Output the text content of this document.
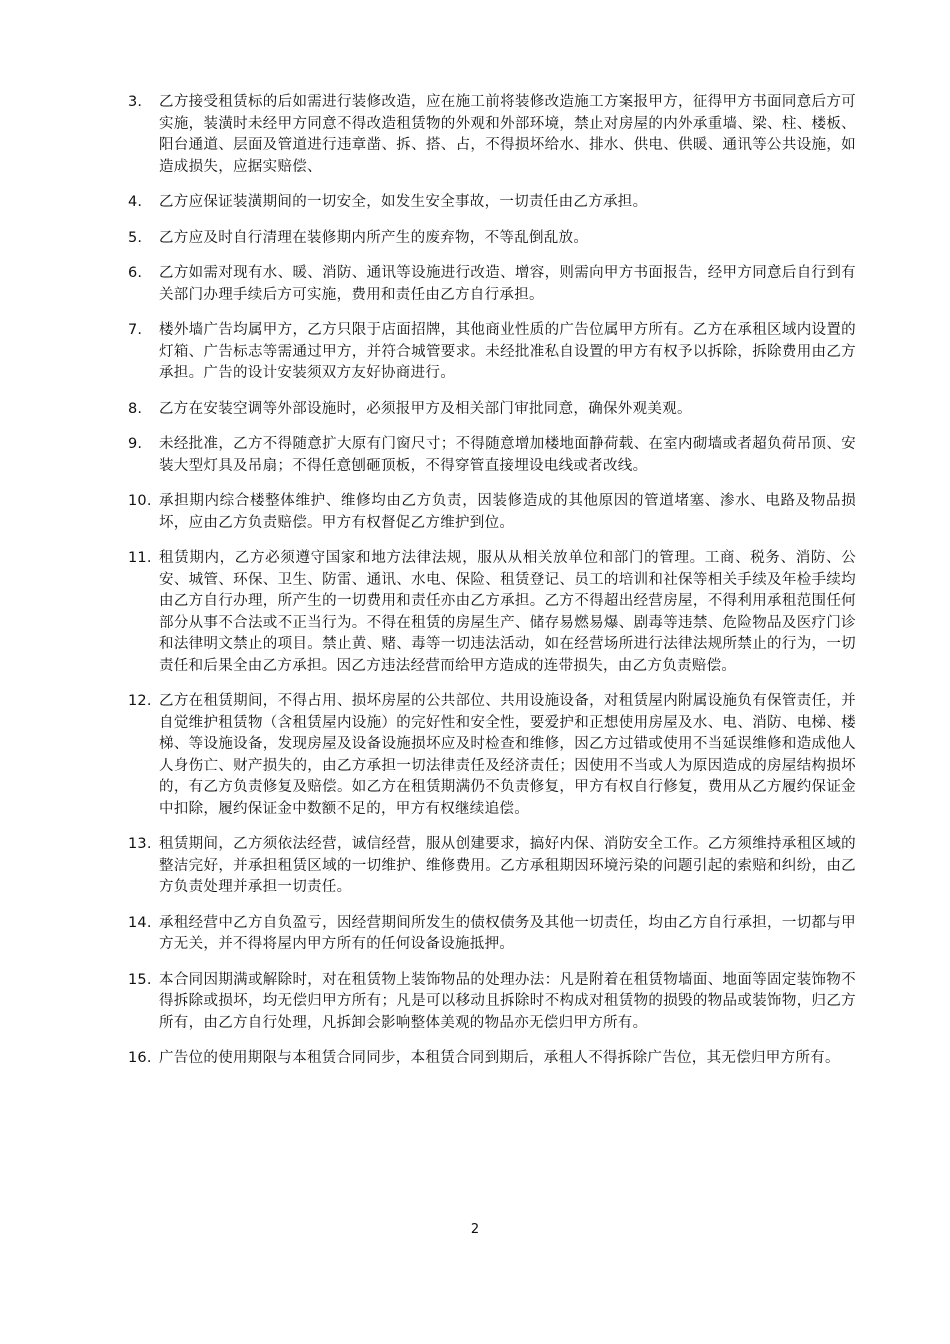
3.	乙方接受租赁标的后如需进行装修改造，应在施工前将装修改造施工方案报甲方，征得甲方书面同意后方可实施，装潢时未经甲方同意不得改造租赁物的外观和外部环境，禁止对房屋的内外承重墙、梁、柱、楼板、阳台通道、层面及管道进行违章凿、拆、搭、占，不得损坏给水、排水、供电、供暖、通讯等公共设施，如造成损失，应据实赔偿、
4.	乙方应保证装潢期间的一切安全，如发生安全事故，一切责任由乙方承担。
5.	乙方应及时自行清理在装修期内所产生的废弃物，不等乱倒乱放。
6.	乙方如需对现有水、暖、消防、通讯等设施进行改造、增容，则需向甲方书面报告，经甲方同意后自行到有关部门办理手续后方可实施，费用和责任由乙方自行承担。
7.	楼外墙广告均属甲方，乙方只限于店面招牌，其他商业性质的广告位属甲方所有。乙方在承租区域内设置的灯箱、广告标志等需通过甲方，并符合城管要求。未经批准私自设置的甲方有权予以拆除，拆除费用由乙方承担。广告的设计安装须双方友好协商进行。
8.	乙方在安装空调等外部设施时，必须报甲方及相关部门审批同意，确保外观美观。
9.	未经批准，乙方不得随意扩大原有门窗尺寸；不得随意增加楼地面静荷载、在室内砌墙或者超负荷吊顶、安装大型灯具及吊扇；不得任意刨砸顶板，不得穿管直接埋设电线或者改线。
10. 承担期内综合楼整体维护、维修均由乙方负责，因装修造成的其他原因的管道堵塞、渗水、电路及物品损坏，应由乙方负责赔偿。甲方有权督促乙方维护到位。
11. 租赁期内，乙方必须遵守国家和地方法律法规，服从从相关放单位和部门的管理。工商、税务、消防、公安、城管、环保、卫生、防雷、通讯、水电、保险、租赁登记、员工的培训和社保等相关手续及年检手续均由乙方自行办理，所产生的一切费用和责任亦由乙方承担。乙方不得超出经营房屋，不得利用承租范围任何部分从事不合法或不正当行为。不得在租赁的房屋生产、储存易燃易爆、剧毒等违禁、危险物品及医疗门诊和法律明文禁止的项目。禁止黄、赌、毒等一切违法活动，如在经营场所进行法律法规所禁止的行为，一切责任和后果全由乙方承担。因乙方违法经营而给甲方造成的连带损失，由乙方负责赔偿。
12. 乙方在租赁期间，不得占用、损坏房屋的公共部位、共用设施设备，对租赁屋内附属设施负有保管责任，并自觉维护租赁物（含租赁屋内设施）的完好性和安全性，要爱护和正想使用房屋及水、电、消防、电梯、楼梯、等设施设备，发现房屋及设备设施损坏应及时检查和维修，因乙方过错或使用不当延误维修和造成他人人身伤亡、财产损失的，由乙方承担一切法律责任及经济责任；因使用不当或人为原因造成的房屋结构损坏的，有乙方负责修复及赔偿。如乙方在租赁期满仍不负责修复，甲方有权自行修复，费用从乙方履约保证金中扣除，履约保证金中数额不足的，甲方有权继续追偿。
13. 租赁期间，乙方须依法经营，诚信经营，服从创建要求，搞好内保、消防安全工作。乙方须维持承租区域的整洁完好，并承担租赁区域的一切维护、维修费用。乙方承租期因环境污染的问题引起的索赔和纠纷，由乙方负责处理并承担一切责任。
14. 承租经营中乙方自负盈亏，因经营期间所发生的债权债务及其他一切责任，均由乙方自行承担，一切都与甲方无关，并不得将屋内甲方所有的任何设备设施抵押。
15. 本合同因期满或解除时，对在租赁物上装饰物品的处理办法：凡是附着在租赁物墙面、地面等固定装饰物不得拆除或损坏，均无偿归甲方所有；凡是可以移动且拆除时不构成对租赁物的损毁的物品或装饰物，归乙方所有，由乙方自行处理，凡拆卸会影响整体美观的物品亦无偿归甲方所有。
16. 广告位的使用期限与本租赁合同同步，本租赁合同到期后，承租人不得拆除广告位，其无偿归甲方所有。
2
